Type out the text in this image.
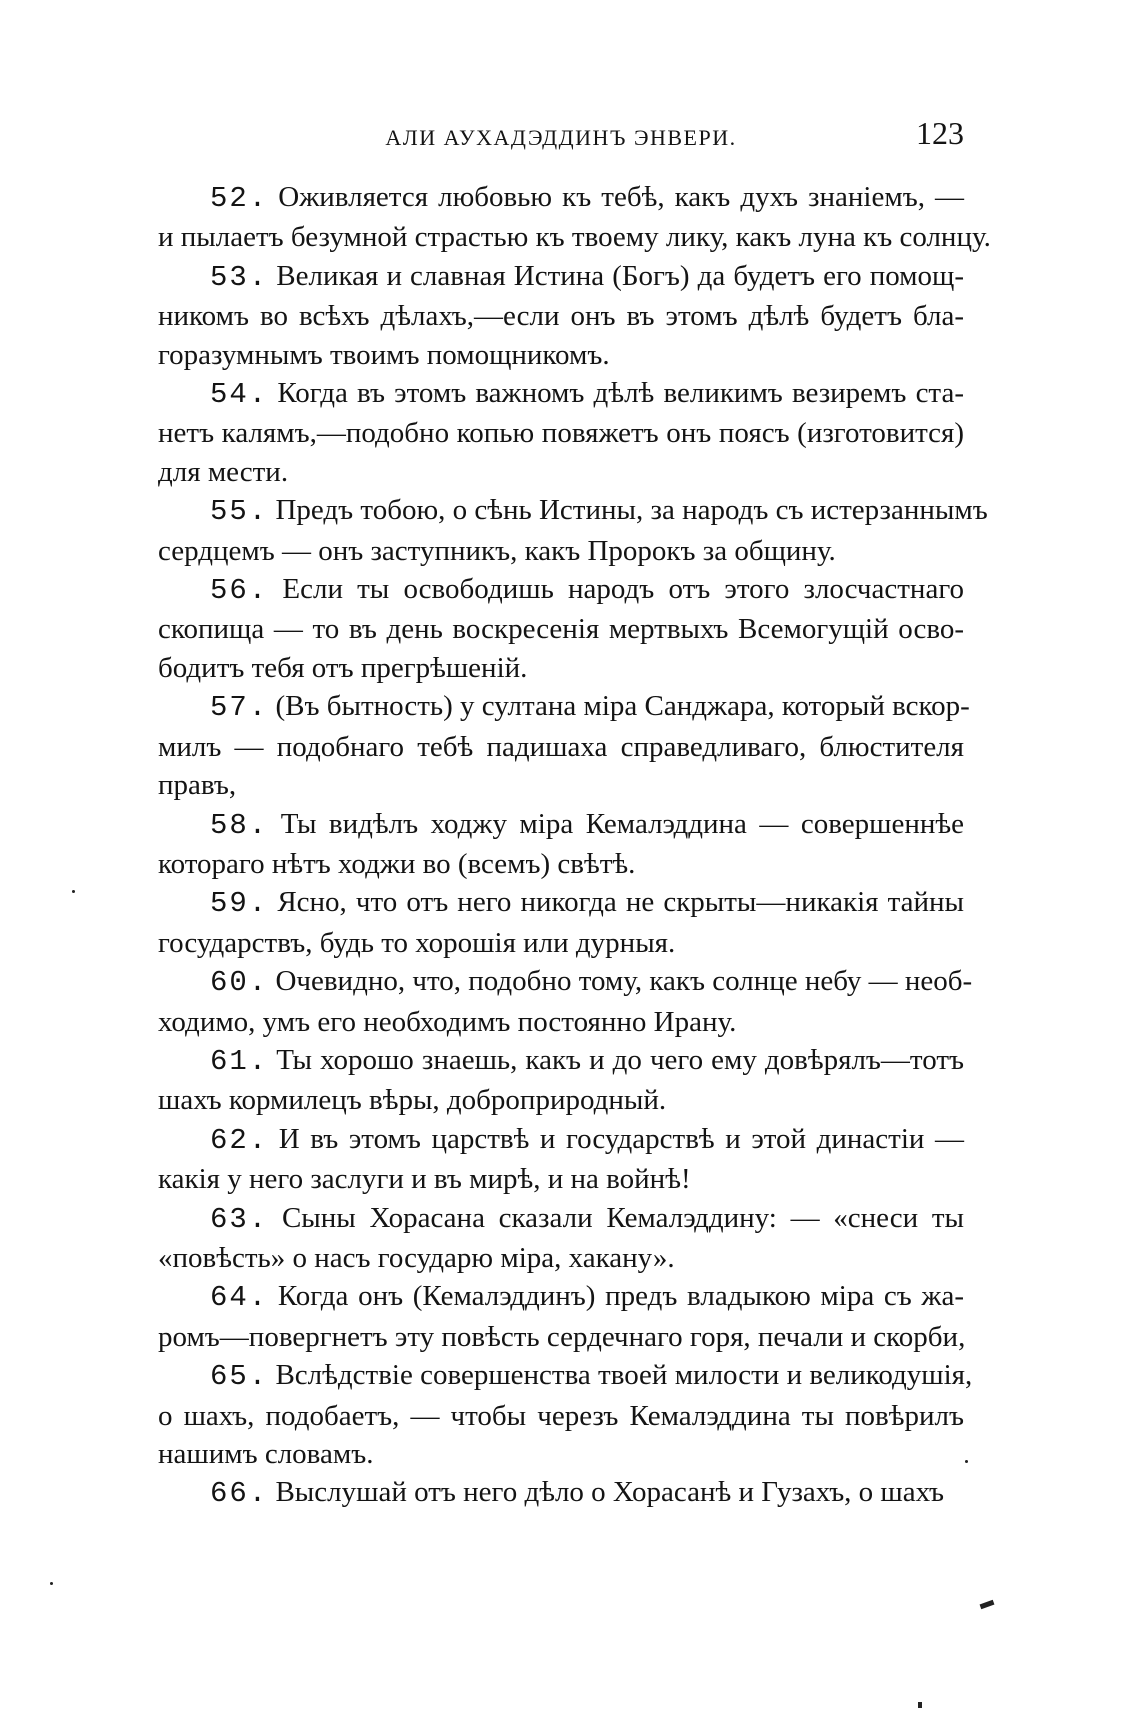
АЛИ АУХАДЭДДИНЪ ЭНВЕРИ.	123

52. Оживляется любовью къ тебѣ, какъ духъ знаніемъ, —
и пылаетъ безумной страстью къ твоему лику, какъ луна къ солнцу.

53. Великая и славная Истина (Богъ) да будетъ его помощ-
никомъ во всѣхъ дѣлахъ,—если онъ въ этомъ дѣлѣ будетъ бла-
горазумнымъ твоимъ помощникомъ.

54. Когда въ этомъ важномъ дѣлѣ великимъ везиремъ ста-
нетъ калямъ,—подобно копью повяжетъ онъ поясъ (изготовится)
для мести.

55. Предъ тобою, о сѣнь Истины, за народъ съ истерзаннымъ
сердцемъ — онъ заступникъ, какъ Пророкъ за общину.

56. Если ты освободишь народъ отъ этого злосчастнаго
скопища — то въ день воскресенія мертвыхъ Всемогущій осво-
бодитъ тебя отъ прегрѣшеній.

57. (Въ бытность) у султана міра Санджара, который вскор-
милъ — подобнаго тебѣ падишаха справедливаго, блюстителя
правъ,

58. Ты видѣлъ ходжу міра Кемалэддина — совершеннѣе
котораго нѣтъ ходжи во (всемъ) свѣтѣ.

59. Ясно, что отъ него никогда не скрыты—никакія тайны
государствъ, будь то хорошія или дурныя.

60. Очевидно, что, подобно тому, какъ солнце небу — необ-
ходимо, умъ его необходимъ постоянно Ирану.

61. Ты хорошо знаешь, какъ и до чего ему довѣрялъ—тотъ
шахъ кормилецъ вѣры, доброприродный.

62. И въ этомъ царствѣ и государствѣ и этой династіи —
какія у него заслуги и въ мирѣ, и на войнѣ!

63. Сыны Хорасана сказали Кемалэддину: — «снеси ты
«повѣсть» о насъ государю міра, хакану».

64. Когда онъ (Кемалэддинъ) предъ владыкою міра съ жа-
ромъ—повергнетъ эту повѣсть сердечнаго горя, печали и скорби,

65. Вслѣдствіе совершенства твоей милости и великодушія,
о шахъ, подобаетъ, — чтобы черезъ Кемалэддина ты повѣрилъ
нашимъ словамъ.

66. Выслушай отъ него дѣло о Хорасанѣ и Гузахъ, о шахъ
